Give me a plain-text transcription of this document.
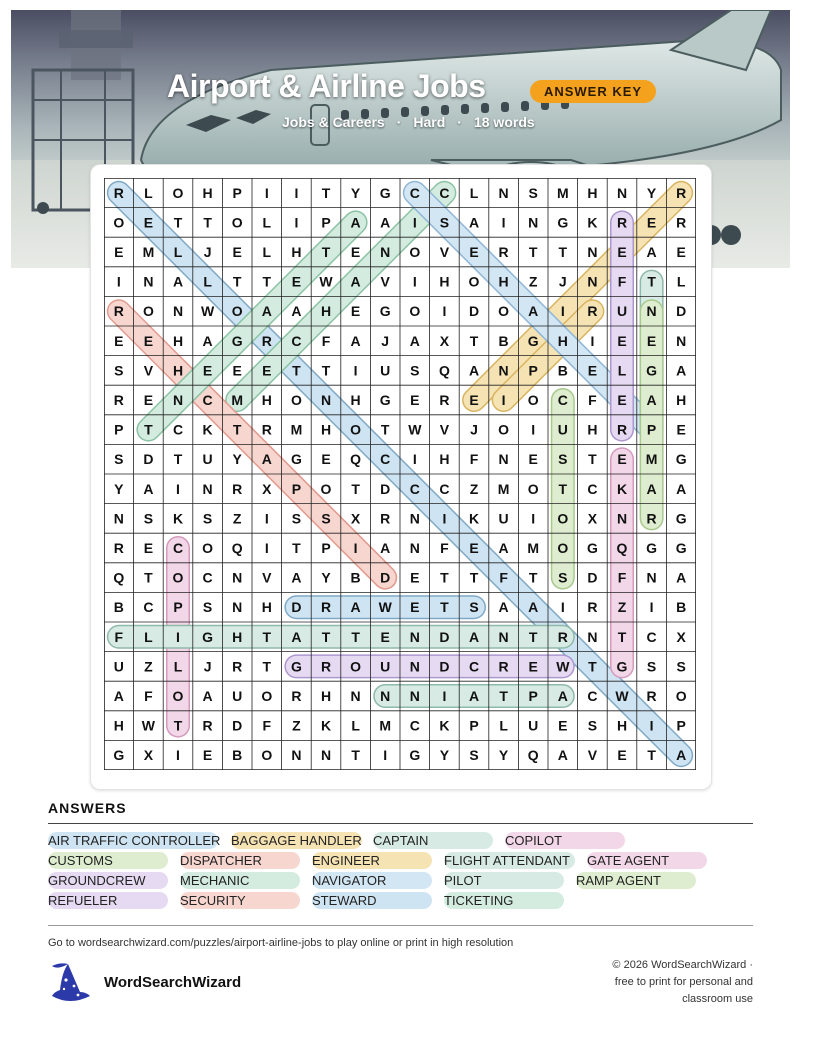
Airport & Airline Jobs	ANSWER KEY
Jobs & Careers · Hard · 18 words
R L O H P I I T Y G C C L N S M H N Y R
O E T T O L I P A A I S A I N G K R E R
E M L J E L H T E N O V E R T T N E A E
I N A L T T E W A V I H O H Z J N F T L
R O N W O A A H E G O I D O A I R U N D
E E H A G R C F A J A X T B G H I E E N
S V H E E E T T I U S Q A N P B E L G A
R E N C M H O N H G E R E I O C F E A H
P T C K T R M H O T W V J O I U H R P E
S D T U Y A G E Q C I H F N E S T E M G
Y A I N R X P O T D C C Z M O T C K A A
N S K S Z I S S X R N I K U I O X N R G
R E C O Q I T P I A N F E A M O G Q G G
Q T O C N V A Y B D E T T F T S D F N A
B C P S N H D R A W E T S A A I R Z I B
F L I G H T A T T E N D A N T R N T C X
U Z L J R T G R O U N D C R E W T G S S
A F O A U O R H N N N I A T P A C W R O
H W T R D F Z K L M C K P L U E S H I P
G X I E B O N N T I G Y S Y Q A V E T A
ANSWERS
AIR TRAFFIC CONTROLLER BAGGAGE HANDLER CAPTAIN	COPILOT
CUSTOMS	DISPATCHER	ENGINEER	FLIGHT ATTENDANT	GATE AGENT
GROUNDCREW	MECHANIC	NAVIGATOR	PILOT	RAMP AGENT
REFUELER	SECURITY	STEWARD	TICKETING
Go to wordsearchwizard.com/puzzles/airport-airline-jobs to play online or print in high resolution
WordSearchWizard
© 2026 WordSearchWizard ·
free to print for personal and
classroom use
